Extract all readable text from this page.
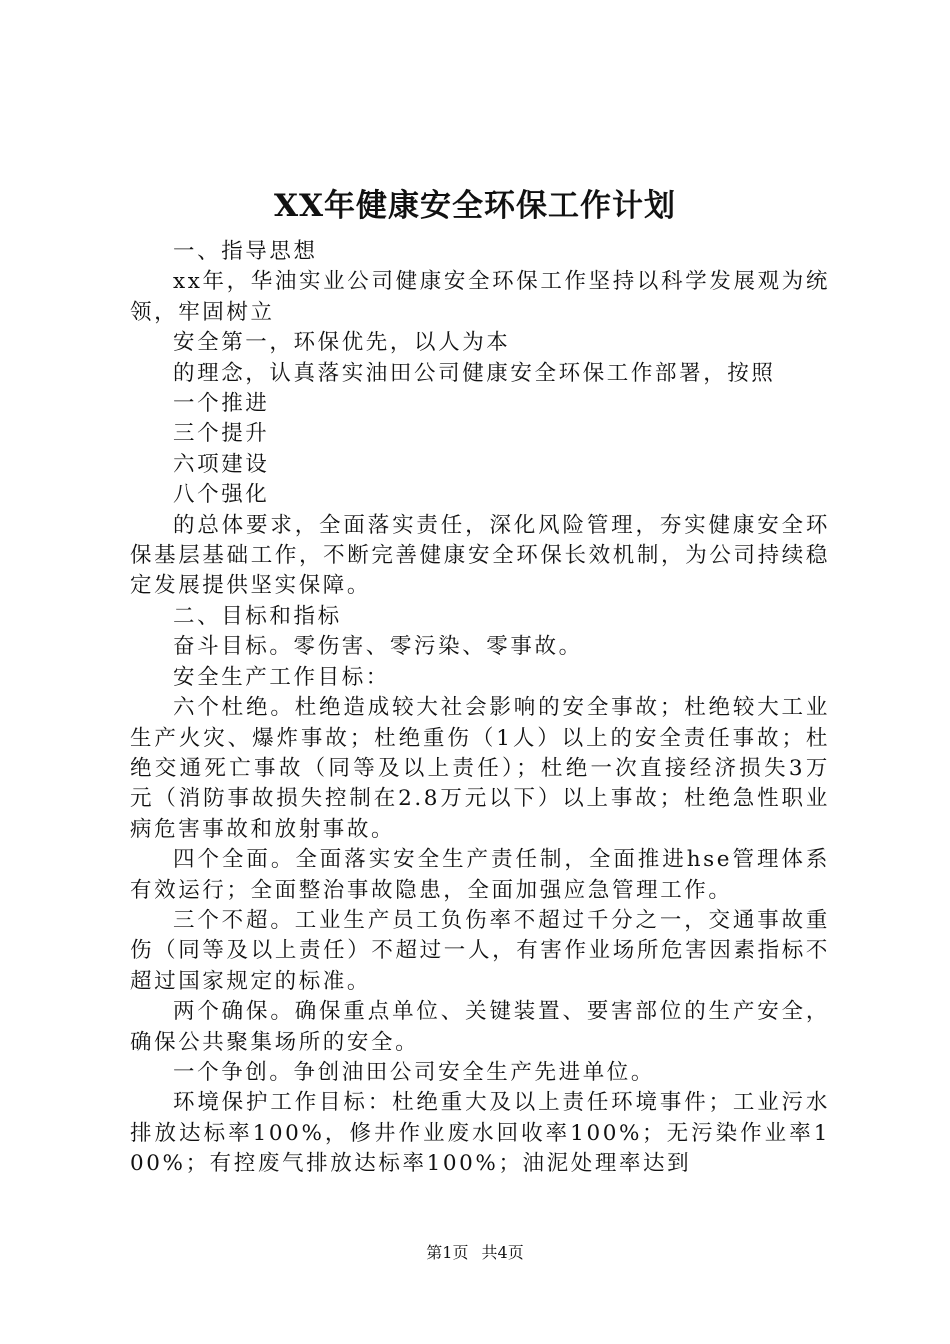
XX年健康安全环保工作计划

一、指导思想

xx年，华油实业公司健康安全环保工作坚持以科学发展观为统领，牢固树立

安全第一，环保优先，以人为本

的理念，认真落实油田公司健康安全环保工作部署，按照

一个推进

三个提升

六项建设

八个强化

的总体要求，全面落实责任，深化风险管理，夯实健康安全环保基层基础工作，不断完善健康安全环保长效机制，为公司持续稳定发展提供坚实保障。

二、目标和指标

奋斗目标。零伤害、零污染、零事故。

安全生产工作目标：

六个杜绝。杜绝造成较大社会影响的安全事故；杜绝较大工业生产火灾、爆炸事故；杜绝重伤（1人）以上的安全责任事故；杜绝交通死亡事故（同等及以上责任）；杜绝一次直接经济损失3万元（消防事故损失控制在2.8万元以下）以上事故；杜绝急性职业病危害事故和放射事故。

四个全面。全面落实安全生产责任制，全面推进hse管理体系有效运行；全面整治事故隐患，全面加强应急管理工作。

三个不超。工业生产员工负伤率不超过千分之一，交通事故重伤（同等及以上责任）不超过一人，有害作业场所危害因素指标不超过国家规定的标准。

两个确保。确保重点单位、关键装置、要害部位的生产安全，确保公共聚集场所的安全。

一个争创。争创油田公司安全生产先进单位。

环境保护工作目标：杜绝重大及以上责任环境事件；工业污水排放达标率100%，修井作业废水回收率100%；无污染作业率100%；有控废气排放达标率100%；油泥处理率达到

第1页 共4页
